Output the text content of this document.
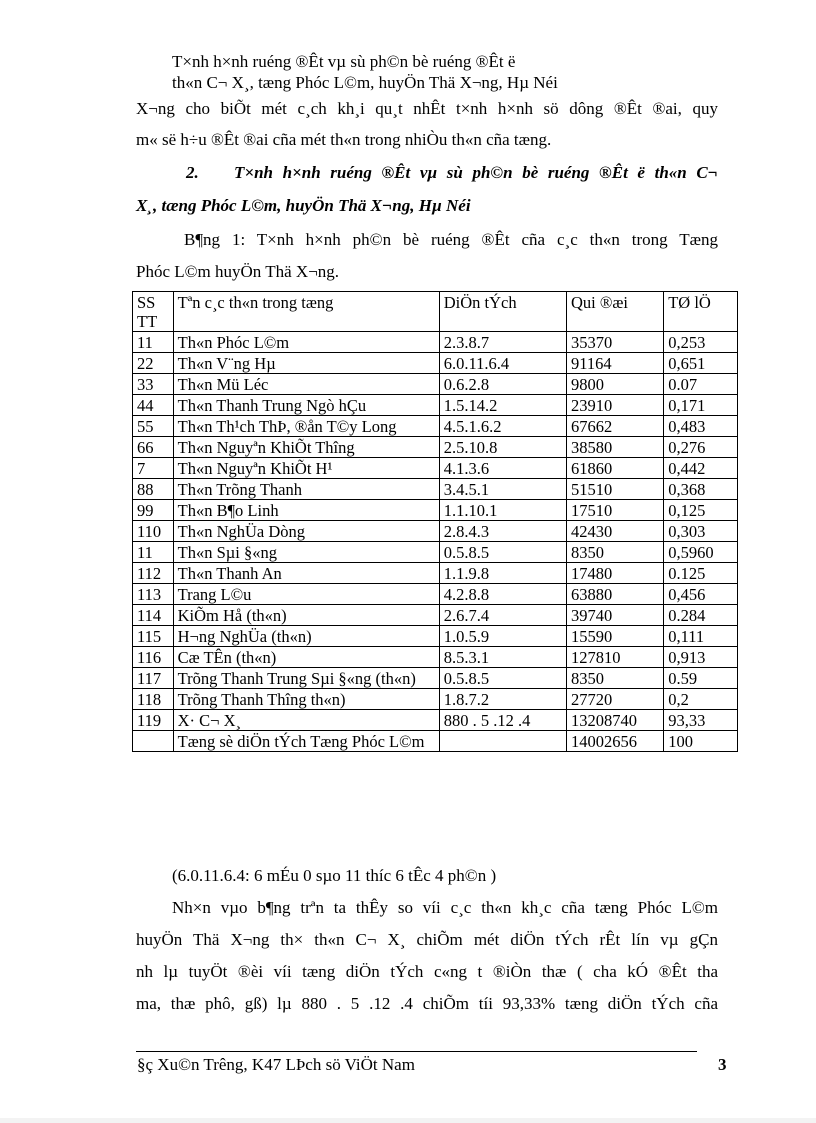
T×nh h×nh ruéng ®Êt vµ sù ph©n bè ruéng ®Êt ë
th«n C¬ X¸, tæng Phóc L©m, huyÖn Thä X¬ng, Hµ Néi
X¬ng cho biÕt mét c¸ch kh¸i qu¸t nhÊt t×nh h×nh sö dông ®Êt ®ai, quy
m« së h÷u ®Êt ®ai cña mét th«n trong nhiÒu th«n cña tæng.
2. T×nh h×nh ruéng ®Êt vµ sù ph©n bè ruéng ®Êt ë th«n C¬
X¸, tæng Phóc L©m, huyÖn Thä X¬ng, Hµ Néi
B¶ng 1: T×nh h×nh ph©n bè ruéng ®Êt cña c¸c th«n trong Tæng
Phóc L©m huyÖn Thä X¬ng.
SS TT	Tªn c¸c th«n trong tæng	DiÖn tÝch	Qui ®æi	TØ lÖ
11	Th«n Phóc L©m	2.3.8.7	35370	0,253
22	Th«n V¨ng Hµ	6.0.11.6.4	91164	0,651
33	Th«n Mü Léc	0.6.2.8	9800	0.07
44	Th«n Thanh Trung Ngò hÇu	1.5.14.2	23910	0,171
55	Th«n Th¹ch ThÞ, ®ån T©y Long	4.5.1.6.2	67662	0,483
66	Th«n Nguyªn KhiÕt Thîng	2.5.10.8	38580	0,276
7	Th«n Nguyªn KhiÕt H¹	4.1.3.6	61860	0,442
88	Th«n Trõng Thanh	3.4.5.1	51510	0,368
99	Th«n B¶o Linh	1.1.10.1	17510	0,125
110	Th«n NghÜa Dòng	2.8.4.3	42430	0,303
11	Th«n Sµi §«ng	0.5.8.5	8350	0,5960
112	Th«n Thanh An	1.1.9.8	17480	0.125
113	Trang L©u	4.2.8.8	63880	0,456
114	KiÕm Hå (th«n)	2.6.7.4	39740	0.284
115	H¬ng NghÜa (th«n)	1.0.5.9	15590	0,111
116	Cæ TÊn (th«n)	8.5.3.1	127810	0,913
117	Trõng Thanh Trung Sµi §«ng (th«n)	0.5.8.5	8350	0.59
118	Trõng Thanh Thîng th«n)	1.8.7.2	27720	0,2
119	X· C¬ X¸	880 . 5 .12 .4	13208740	93,33
	Tæng sè diÖn tÝch Tæng Phóc L©m		14002656	100
(6.0.11.6.4: 6 mÉu 0 sµo 11 thíc 6 tÊc 4 ph©n )
Nh×n vµo b¶ng trªn ta thÊy so víi c¸c th«n kh¸c cña tæng Phóc L©m
huyÖn Thä X¬ng th× th«n C¬ X¸ chiÕm mét diÖn tÝch rÊt lín vµ gÇn
nh lµ tuyÖt ®èi víi tæng diÖn tÝch c«ng t ®iÒn thæ ( cha kÓ ®Êt tha
ma, thæ phô, gß) lµ 880 . 5 .12 .4 chiÕm tíi 93,33% tæng diÖn tÝch cña
§ç Xu©n Trêng, K47 LÞch sö ViÖt Nam	3
